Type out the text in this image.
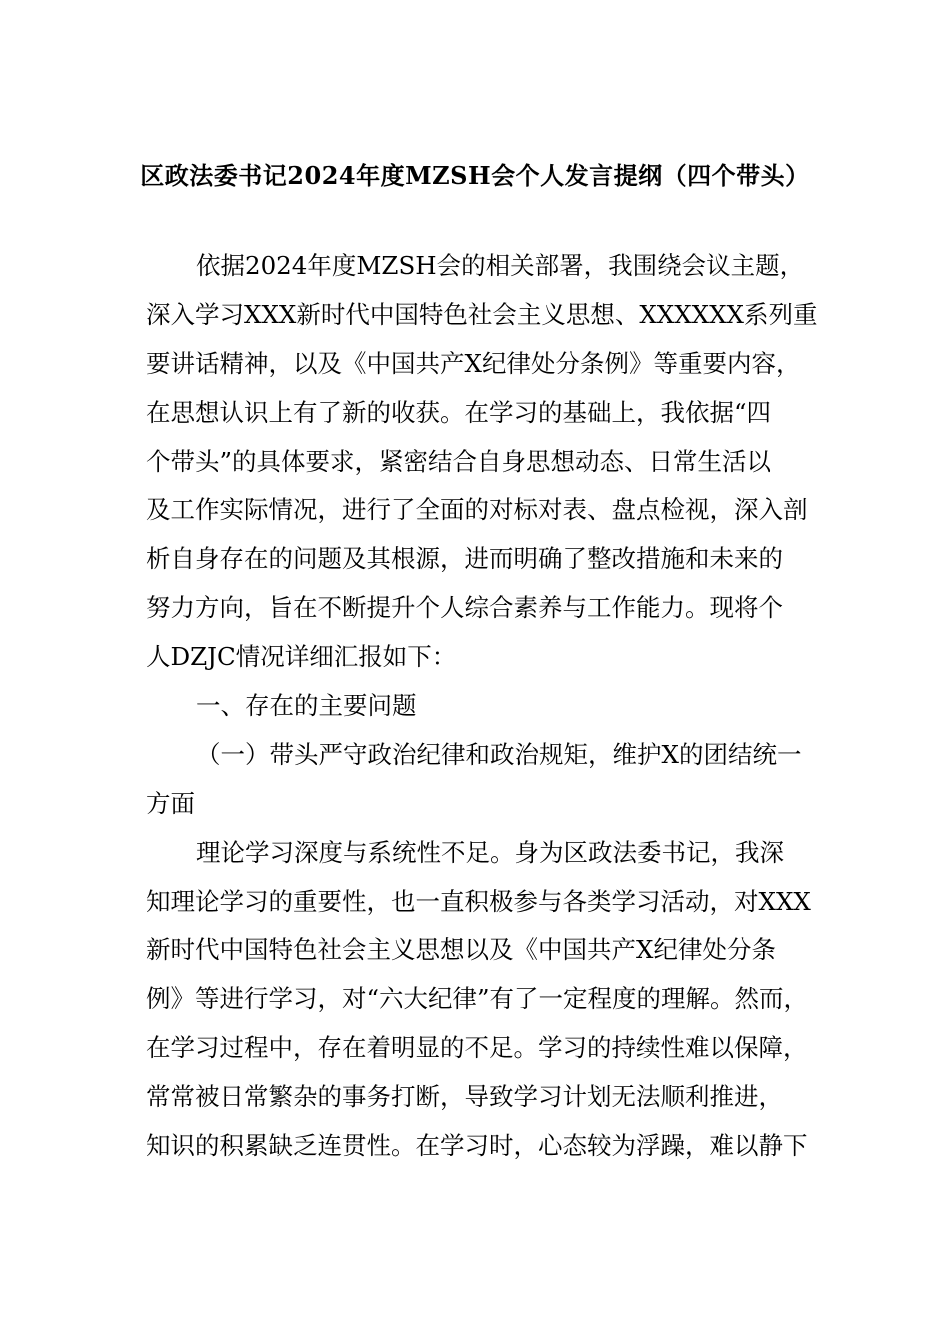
区政法委书记2024年度MZSH会个人发言提纲（四个带头）
依据2024年度MZSH会的相关部署，我围绕会议主题，
深入学习XXX新时代中国特色社会主义思想、XXXXXX系列重
要讲话精神，以及《中国共产X纪律处分条例》等重要内容，
在思想认识上有了新的收获。在学习的基础上，我依据“四
个带头”的具体要求，紧密结合自身思想动态、日常生活以
及工作实际情况，进行了全面的对标对表、盘点检视，深入剖
析自身存在的问题及其根源，进而明确了整改措施和未来的
努力方向，旨在不断提升个人综合素养与工作能力。现将个
人DZJC情况详细汇报如下：
一、存在的主要问题
（一）带头严守政治纪律和政治规矩，维护X的团结统一
方面
理论学习深度与系统性不足。身为区政法委书记，我深
知理论学习的重要性，也一直积极参与各类学习活动，对XXX
新时代中国特色社会主义思想以及《中国共产X纪律处分条
例》等进行学习，对“六大纪律”有了一定程度的理解。然而，
在学习过程中，存在着明显的不足。学习的持续性难以保障，
常常被日常繁杂的事务打断，导致学习计划无法顺利推进，
知识的积累缺乏连贯性。在学习时，心态较为浮躁，难以静下
